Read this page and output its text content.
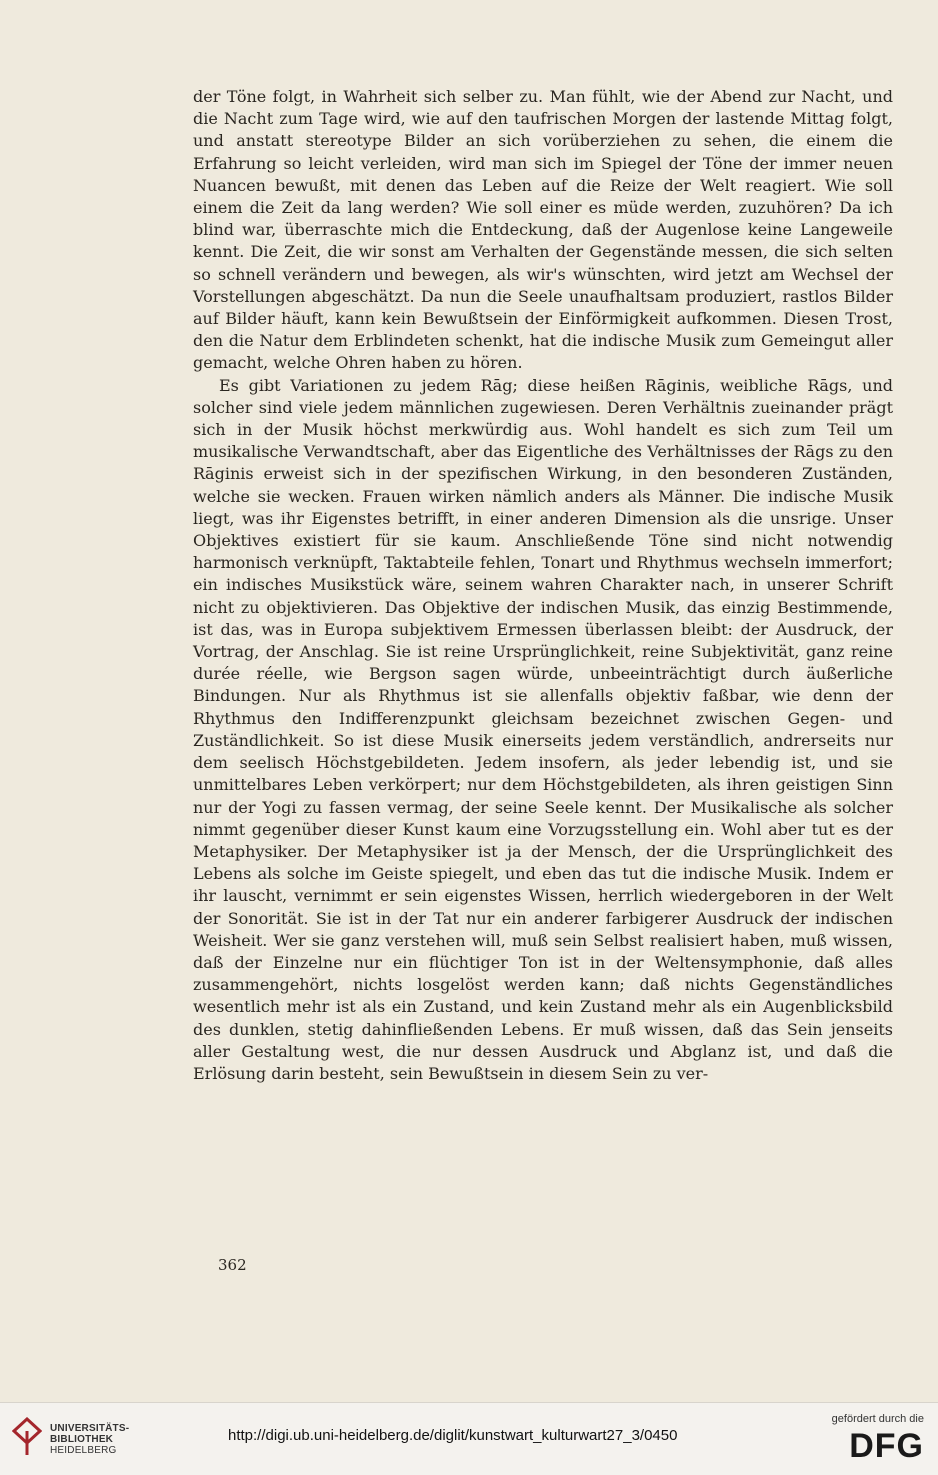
der Töne folgt, in Wahrheit sich selber zu. Man fühlt, wie der Abend zur Nacht, und die Nacht zum Tage wird, wie auf den taufrischen Morgen der lastende Mittag folgt, und anstatt stereotype Bilder an sich vorüberziehen zu sehen, die einem die Erfahrung so leicht verleiden, wird man sich im Spiegel der Töne der immer neuen Nuancen bewußt, mit denen das Leben auf die Reize der Welt reagiert. Wie soll einem die Zeit da lang werden? Wie soll einer es müde werden, zuzuhören? Da ich blind war, überraschte mich die Entdeckung, daß der Augenlose keine Langeweile kennt. Die Zeit, die wir sonst am Verhalten der Gegenstände messen, die sich selten so schnell verändern und bewegen, als wir's wünschten, wird jetzt am Wechsel der Vorstellungen abgeschätzt. Da nun die Seele unaufhaltsam produziert, rastlos Bilder auf Bilder häuft, kann kein Bewußtsein der Einförmigkeit aufkommen. Diesen Trost, den die Natur dem Erblindeten schenkt, hat die indische Musik zum Gemeingut aller gemacht, welche Ohren haben zu hören.

Es gibt Variationen zu jedem Rāg; diese heißen Rāginis, weibliche Rāgs, und solcher sind viele jedem männlichen zugewiesen. Deren Verhältnis zueinander prägt sich in der Musik höchst merkwürdig aus. Wohl handelt es sich zum Teil um musikalische Verwandtschaft, aber das Eigentliche des Verhältnisses der Rāgs zu den Rāginis erweist sich in der spezifischen Wirkung, in den besonderen Zuständen, welche sie wecken. Frauen wirken nämlich anders als Männer. Die indische Musik liegt, was ihr Eigenstes betrifft, in einer anderen Dimension als die unsrige. Unser Objektives existiert für sie kaum. Anschließende Töne sind nicht notwendig harmonisch verknüpft, Taktabteile fehlen, Tonart und Rhythmus wechseln immerfort; ein indisches Musikstück wäre, seinem wahren Charakter nach, in unserer Schrift nicht zu objektivieren. Das Objektive der indischen Musik, das einzig Bestimmende, ist das, was in Europa subjektivem Ermessen überlassen bleibt: der Ausdruck, der Vortrag, der Anschlag. Sie ist reine Ursprünglichkeit, reine Subjektivität, ganz reine durée réelle, wie Bergson sagen würde, unbeeinträchtigt durch äußerliche Bindungen. Nur als Rhythmus ist sie allenfalls objektiv faßbar, wie denn der Rhythmus den Indifferenzpunkt gleichsam bezeichnet zwischen Gegen- und Zuständlichkeit. So ist diese Musik einerseits jedem verständlich, andrerseits nur dem seelisch Höchstgebildeten. Jedem insofern, als jeder lebendig ist, und sie unmittelbares Leben verkörpert; nur dem Höchstgebildeten, als ihren geistigen Sinn nur der Yogi zu fassen vermag, der seine Seele kennt. Der Musikalische als solcher nimmt gegenüber dieser Kunst kaum eine Vorzugsstellung ein. Wohl aber tut es der Metaphysiker. Der Metaphysiker ist ja der Mensch, der die Ursprünglichkeit des Lebens als solche im Geiste spiegelt, und eben das tut die indische Musik. Indem er ihr lauscht, vernimmt er sein eigenstes Wissen, herrlich wiedergeboren in der Welt der Sonorität. Sie ist in der Tat nur ein anderer farbigerer Ausdruck der indischen Weisheit. Wer sie ganz verstehen will, muß sein Selbst realisiert haben, muß wissen, daß der Einzelne nur ein flüchtiger Ton ist in der Weltensymphonie, daß alles zusammengehört, nichts losgelöst werden kann; daß nichts Gegenständliches wesentlich mehr ist als ein Zustand, und kein Zustand mehr als ein Augenblicksbild des dunklen, stetig dahinfließenden Lebens. Er muß wissen, daß das Sein jenseits aller Gestaltung west, die nur dessen Ausdruck und Abglanz ist, und daß die Erlösung darin besteht, sein Bewußtsein in diesem Sein zu ver-

362
UNIVERSITÄTS-
BIBLIOTHEK
HEIDELBERG
http://digi.ub.uni-heidelberg.de/diglit/kunstwart_kulturwart27_3/0450
gefördert durch die
DFG
